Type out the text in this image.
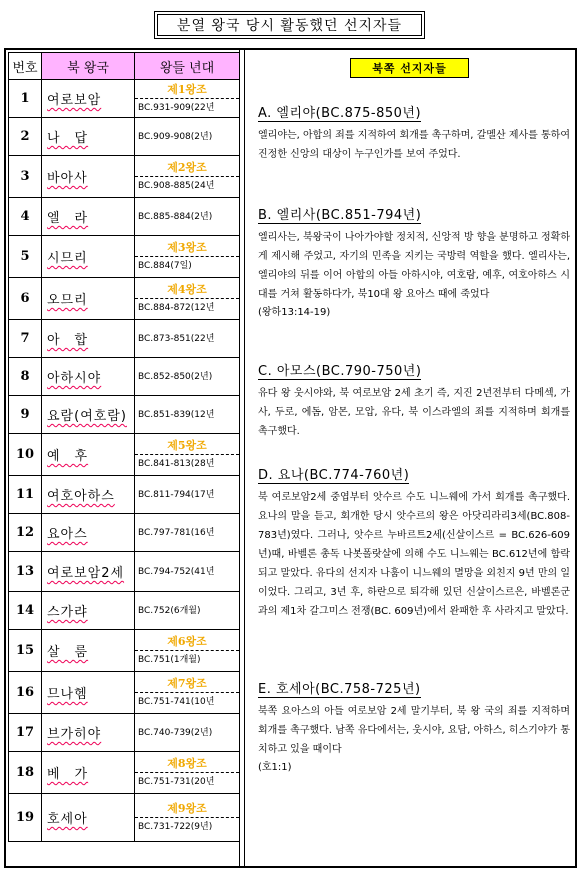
분열 왕국 당시 활동했던 선지자들
번호	북 왕국	왕들 년대
1	여로보암	제1왕조
BC.931-909(22년

2	나　답	BC.909-908(2년)

3	바아사	제2왕조
BC.908-885(24년

4	엘　라	BC.885-884(2년)

5	시므리	제3왕조
BC.884(7일)

6	오므리	제4왕조
BC.884-872(12년

7	아　합	BC.873-851(22년

8	아하시야	BC.852-850(2년)

9	요람(여호람)	BC.851-839(12년

10	예　후	제5왕조
BC.841-813(28년

11	여호아하스	BC.811-794(17년

12	요아스	BC.797-781(16년

13	여로보암2세	BC.794-752(41년

14	스가랴	BC.752(6개월)

15	살　룸	제6왕조
BC.751(1개월)

16	므나헴	제7왕조
BC.751-741(10년

17	브가히야	BC.740-739(2년)

18	베　가	제8왕조
BC.751-731(20년

19	호세아	제9왕조
BC.731-722(9년)
북쪽 선지자들
A. 엘리야(BC.875-850년)

엘리야는, 아합의 죄를 지적하여 회개를 촉구하며, 갈멜산 제사를 통하여 진정한 신앙의 대상이 누구인가를 보여 주었다.

B. 엘리사(BC.851-794년)

엘리사는, 북왕국이 나아가야할 정치적, 신앙적 방 향을 분명하고 정확하게 제시해 주었고, 자기의 민족을 지키는 국방력 역할을 했다. 엘리사는, 엘리야의 뒤를 이어 아합의 아들 아하시야, 여호람, 예후, 여호아하스 시대를 거쳐 활동하다가, 북10대 왕 요아스 때에 죽었다

(왕하13:14-19)
C. 아모스(BC.790-750년)

유다 왕 웃시야와, 북 여로보암 2세 초기 즉, 지진 2년전부터 다메섹, 가사, 두로, 에돔, 암몬, 모압, 유다, 북 이스라엘의 죄를 지적하며 회개를 촉구했다.

D. 요나(BC.774-760년)

북 여로보암2세 중엽부터 앗수르 수도 니느웨에 가서 회개를 촉구했다. 요나의 말을 듣고, 회개한 당시 앗수르의 왕은 아닷리라리3세(BC.808-783년)였다. 그러나, 앗수르 누바르트2세(신살이스르 = BC.626-609년)때, 바벨론 총독 나봇폴랏살에 의해 수도 니느웨는 BC.612년에 함락되고 말았다. 유다의 선지자 나훔이 니느웨의 멸망을 외친지 9년 만의 일이었다. 그리고, 3년 후, 하란으로 퇴각해 있던 신살이스르은, 바벨론군과의 제1차 갈그미스 전쟁(BC. 609년)에서 완패한 후 사라지고 말았다.

E. 호세아(BC.758-725년)

북쪽 요아스의 아들 여로보암 2세 말기부터, 북 왕 국의 죄를 지적하며 회개를 촉구했다. 남쪽 유다에서는, 웃시야, 요담, 아하스, 히스기야가 통치하고 있을 때이다

(호1:1)
